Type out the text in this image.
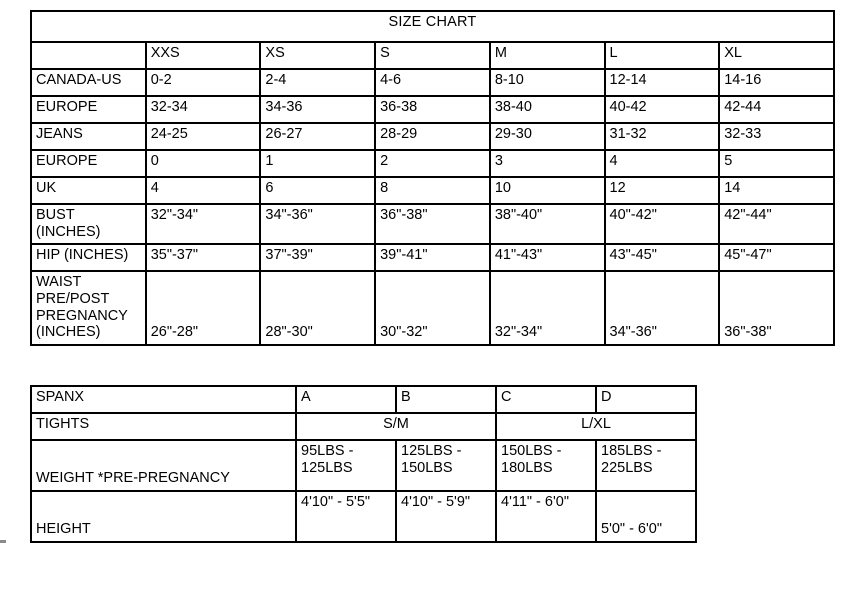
SIZE CHART						
	XXS	XS	S	M	L	XL
CANADA-US	0-2	2-4	4-6	8-10	12-14	14-16
EUROPE	32-34	34-36	36-38	38-40	40-42	42-44
JEANS	24-25	26-27	28-29	29-30	31-32	32-33
EUROPE	0	1	2	3	4	5
UK	4	6	8	10	12	14
BUST (INCHES)	32"-34"	34"-36"	36"-38"	38"-40"	40"-42"	42"-44"
HIP (INCHES)	35"-37"	37"-39"	39"-41"	41"-43"	43"-45"	45"-47"
WAIST PRE/POST PREGNANCY (INCHES)	26"-28"	28"-30"	30"-32"	32"-34"	34"-36"	36"-38"
SPANX	A	B	C	D
TIGHTS	S/M		L/XL	
WEIGHT *PRE-PREGNANCY	95LBS - 125LBS	125LBS - 150LBS	150LBS - 180LBS	185LBS - 225LBS
HEIGHT	4'10" - 5'5"	4'10" - 5'9"	4'11" - 6'0"	5'0" - 6'0"
